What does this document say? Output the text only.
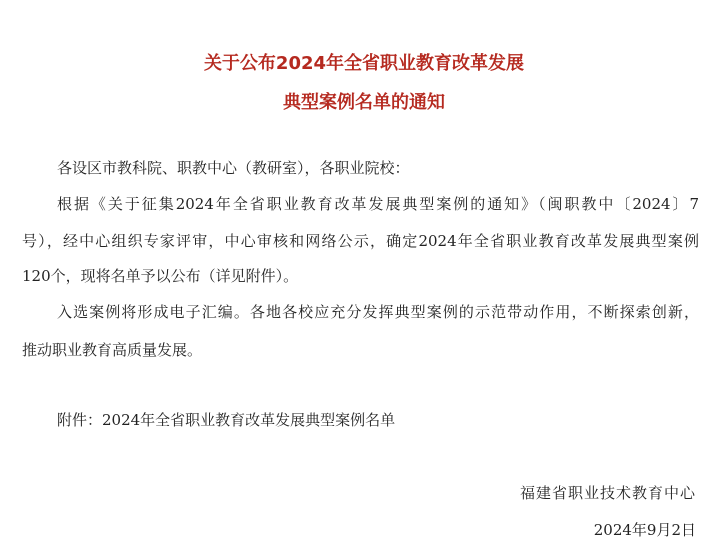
关于公布2024年全省职业教育改革发展
典型案例名单的通知

各设区市教科院、职教中心（教研室），各职业院校：

根据《关于征集2024年全省职业教育改革发展典型案例的通知》（闽职教中〔2024〕7

号），经中心组织专家评审，中心审核和网络公示，确定2024年全省职业教育改革发展典型案例

120个，现将名单予以公布（详见附件）。

入选案例将形成电子汇编。各地各校应充分发挥典型案例的示范带动作用，不断探索创新，

推动职业教育高质量发展。

附件：2024年全省职业教育改革发展典型案例名单

福建省职业技术教育中心

2024年9月2日
